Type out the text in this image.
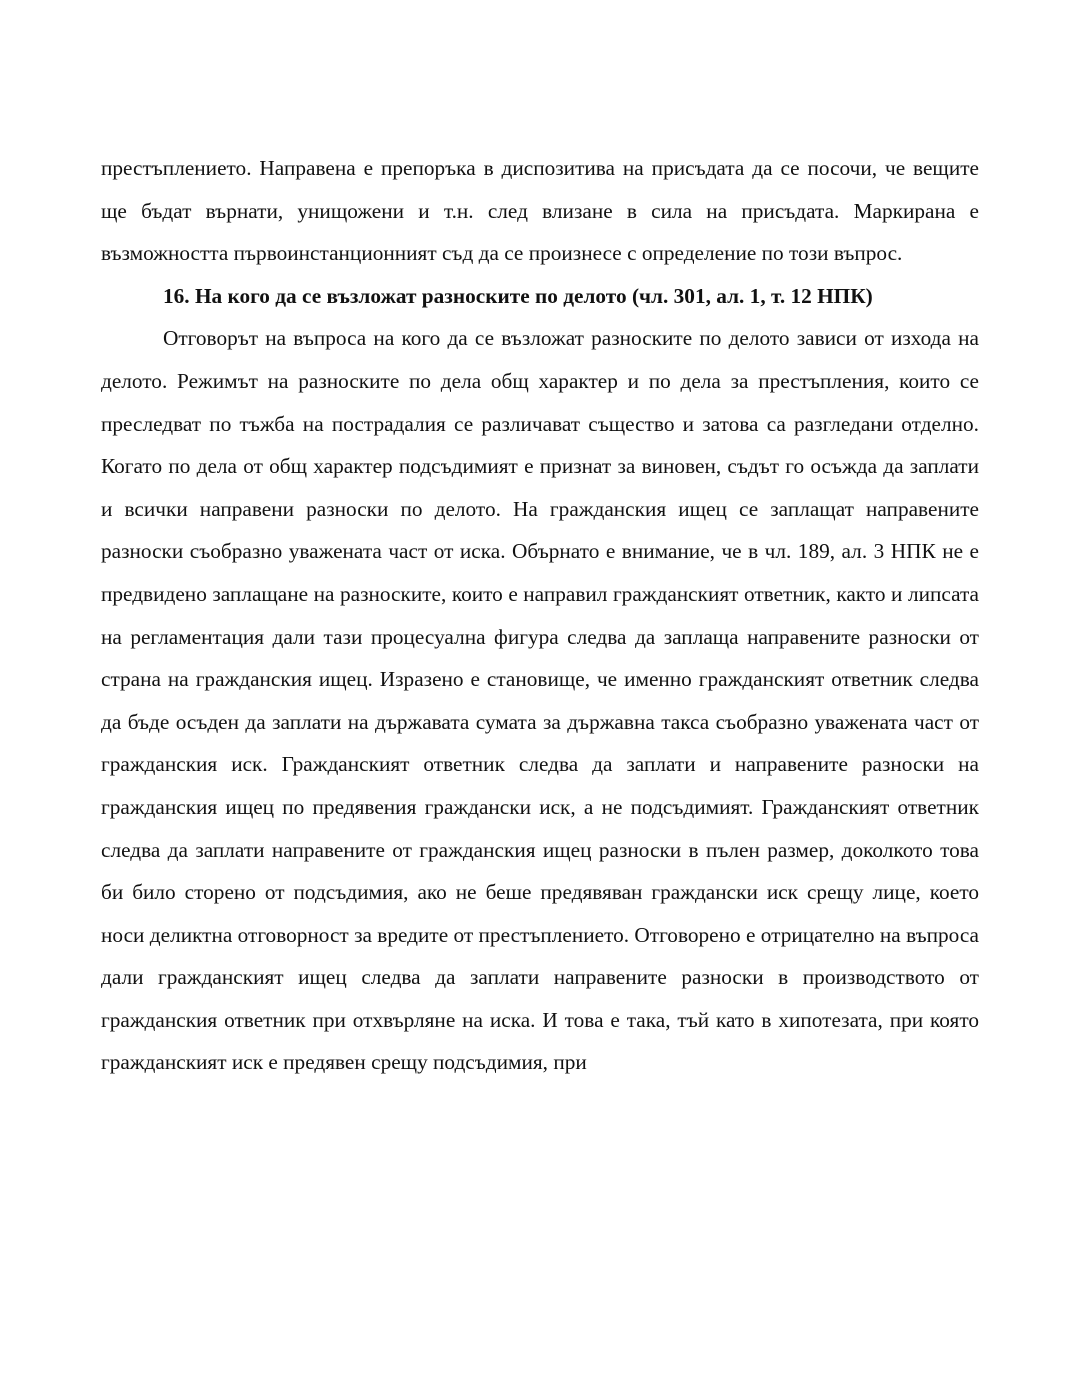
престъплението. Направена е препоръка в диспозитива на присъдата да се посочи, че вещите ще бъдат върнати, унищожени и т.н. след влизане в сила на присъдата. Маркирана е възможността първоинстанционният съд да се произнесе с определение по този въпрос.

16. На кого да се възложат разноските по делото (чл. 301, ал. 1, т. 12 НПК)

Отговорът на въпроса на кого да се възложат разноските по делото зависи от изхода на делото. Режимът на разноските по дела общ характер и по дела за престъпления, които се преследват по тъжба на пострадалия се различават същество и затова са разгледани отделно. Когато по дела от общ характер подсъдимият е признат за виновен, съдът го осъжда да заплати и всички направени разноски по делото. На гражданския ищец се заплащат направените разноски съобразно уважената част от иска. Обърнато е внимание, че в чл. 189, ал. 3 НПК не е предвидено заплащане на разноските, които е направил гражданският ответник, както и липсата на регламентация дали тази процесуална фигура следва да заплаща направените разноски от страна на гражданския ищец. Изразено е становище, че именно гражданският ответник следва да бъде осъден да заплати на държавата сумата за държавна такса съобразно уважената част от гражданския иск. Гражданският ответник следва да заплати и направените разноски на гражданския ищец по предявения граждански иск, а не подсъдимият. Гражданският ответник следва да заплати направените от гражданския ищец разноски в пълен размер, доколкото това би било сторено от подсъдимия, ако не беше предявяван граждански иск срещу лице, което носи деликтна отговорност за вредите от престъплението. Отговорено е отрицателно на въпроса дали гражданският ищец следва да заплати направените разноски в производството от гражданския ответник при отхвърляне на иска. И това е така, тъй като в хипотезата, при която гражданският иск е предявен срещу подсъдимия, при
